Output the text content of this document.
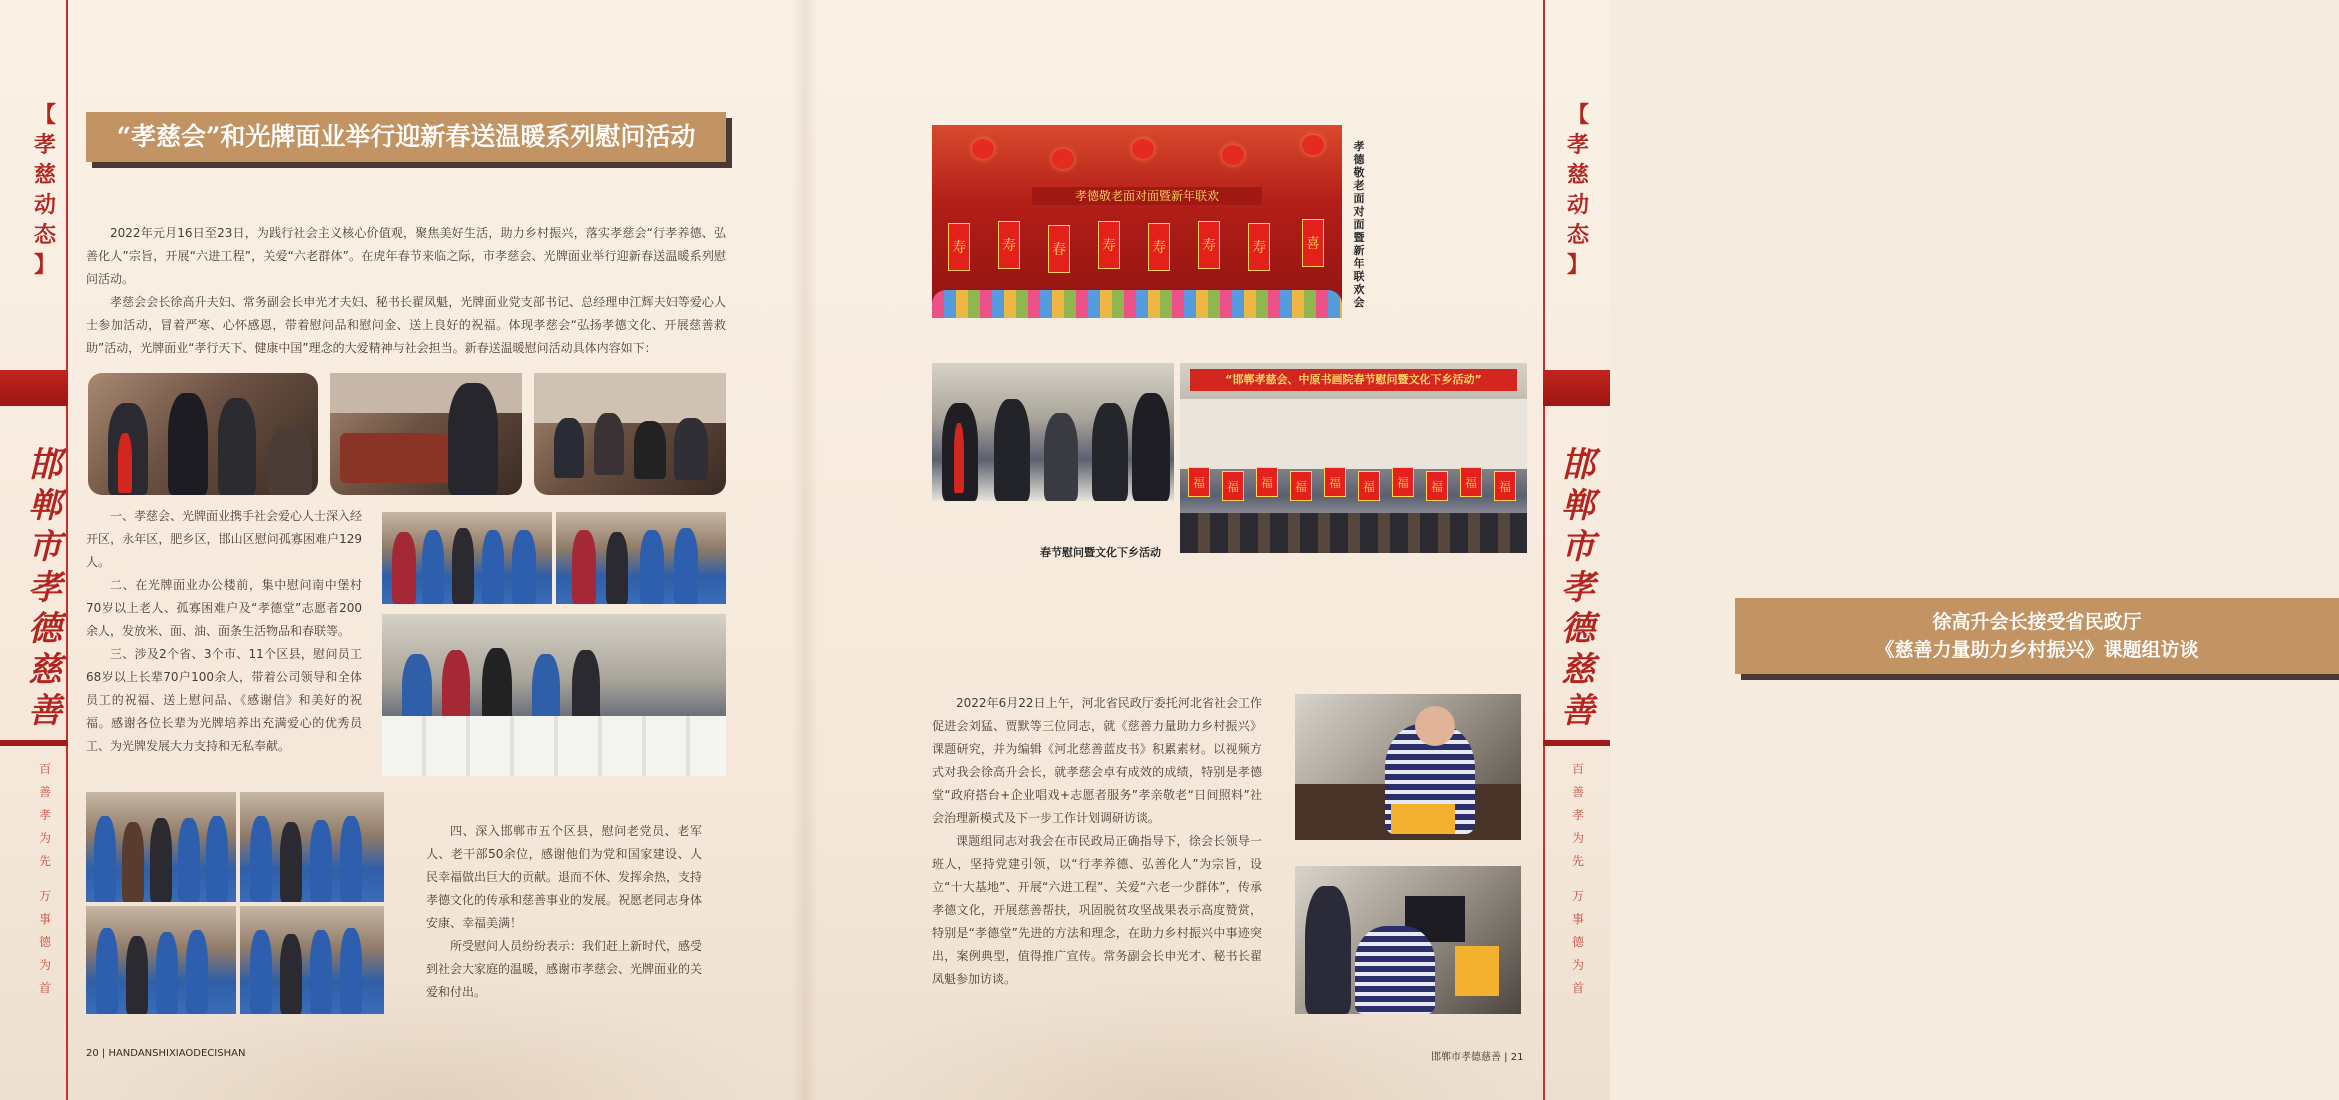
【
孝
慈
动
态
】
邯
郸
市
孝
德
慈
善
百
善
孝
为
先
万
事
德
为
首
“孝慈会”和光牌面业举行迎新春送温暖系列慰问活动

2022年元月16日至23日，为践行社会主义核心价值观，聚焦美好生活，助力乡村振兴，落实孝慈会“行孝养德、弘善化人”宗旨，开展“六进工程”，关爱“六老群体”。在虎年春节来临之际，市孝慈会、光牌面业举行迎新春送温暖系列慰问活动。

孝慈会会长徐高升夫妇、常务副会长申光才夫妇、秘书长翟凤魁，光牌面业党支部书记、总经理申江辉夫妇等爱心人士参加活动，冒着严寒、心怀感恩，带着慰问品和慰问金、送上良好的祝福。体现孝慈会“弘扬孝德文化、开展慈善救助”活动，光牌面业“孝行天下、健康中国”理念的大爱精神与社会担当。新春送温暖慰问活动具体内容如下：

一、孝慈会、光牌面业携手社会爱心人士深入经开区，永年区，肥乡区，邯山区慰问孤寡困难户129人。

二、在光牌面业办公楼前，集中慰问南中堡村70岁以上老人、孤寡困难户及“孝德堂”志愿者200余人，发放米、面、油、面条生活物品和春联等。

三、涉及2个省、3个市、11个区县，慰问员工68岁以上长辈70户100余人，带着公司领导和全体员工的祝福、送上慰问品、《感谢信》和美好的祝福。感谢各位长辈为光牌培养出充满爱心的优秀员工、为光牌发展大力支持和无私奉献。

四、深入邯郸市五个区县，慰问老党员、老军人、老干部50余位，感谢他们为党和国家建设、人民幸福做出巨大的贡献。退而不休、发挥余热，支持孝德文化的传承和慈善事业的发展。祝愿老同志身体安康、幸福美满！

所受慰问人员纷纷表示：我们赶上新时代，感受到社会大家庭的温暖，感谢市孝慈会、光牌面业的关爱和付出。

20 | HANDANSHIXIAODECISHAN
孝德敬老面对面暨新年联欢
寿	寿	春	寿	寿	寿	寿	喜
孝
德
敬
老
面
对
面
暨
新
年
联
欢
会
春节慰问暨文化下乡活动
“邯郸孝慈会、中原书画院春节慰问暨文化下乡活动”
福	福	福	福	福	福	福	福	福	福
徐高升会长接受省民政厅
《慈善力量助力乡村振兴》课题组访谈

2022年6月22日上午，河北省民政厅委托河北省社会工作促进会刘猛、贾默等三位同志，就《慈善力量助力乡村振兴》课题研究，并为编辑《河北慈善蓝皮书》积累素材。以视频方式对我会徐高升会长，就孝慈会卓有成效的成绩，特别是孝德堂“政府搭台+企业唱戏+志愿者服务”孝亲敬老“日间照料”社会治理新模式及下一步工作计划调研访谈。

课题组同志对我会在市民政局正确指导下，徐会长领导一班人，坚持党建引领，以“行孝养德、弘善化人”为宗旨，设立“十大基地”、开展“六进工程”、关爱“六老一少群体”，传承孝德文化，开展慈善帮扶，巩固脱贫攻坚战果表示高度赞赏，特别是“孝德堂”先进的方法和理念，在助力乡村振兴中事迹突出，案例典型，值得推广宣传。常务副会长申光才、秘书长翟凤魁参加访谈。

邯郸市孝德慈善 | 21
【
孝
慈
动
态
】
邯
郸
市
孝
德
慈
善
百
善
孝
为
先
万
事
德
为
首
